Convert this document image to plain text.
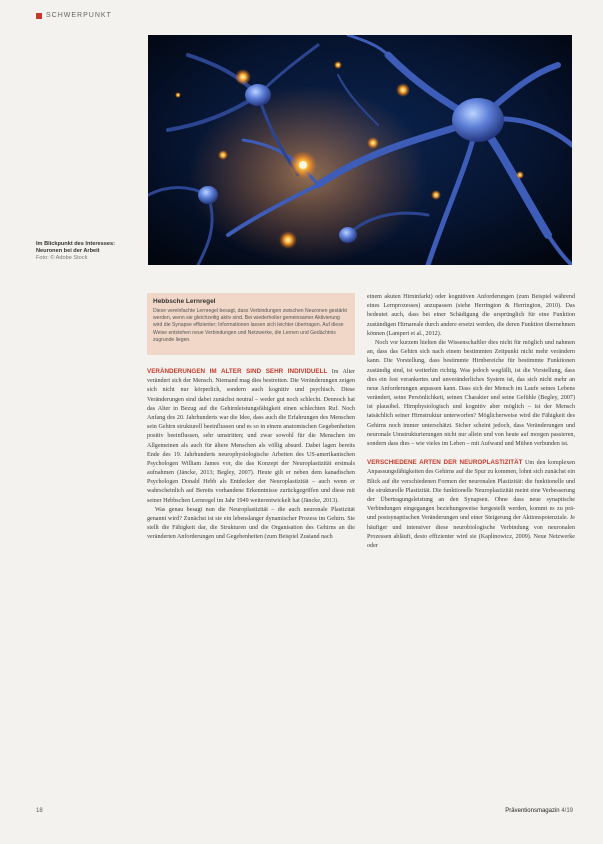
SCHWERPUNKT
Im Blickpunkt des Interesses: Neuronen bei der Arbeit
Foto: © Adobe Stock
Hebbsche Lernregel
Diese vereinfachte Lernregel besagt, dass Verbindungen zwischen Neuronen gestärkt werden, wenn sie gleichzeitig aktiv sind. Bei wiederholter gemeinsamer Aktivierung wird die Synapse effizienter; Informationen lassen sich leichter übertragen. Auf diese Weise entstehen neue Verbindungen und Netzwerke, die Lernen und Gedächtnis zugrunde liegen.

VERÄNDERUNGEN IM ALTER SIND SEHR INDIVIDUELL Im Alter verändert sich der Mensch. Niemand mag dies bestreiten. Die Veränderungen zeigen sich nicht nur körperlich, sondern auch kognitiv und psychisch. Diese Veränderungen sind dabei zunächst neutral – weder gut noch schlecht. Dennoch hat das Alter in Bezug auf die Gehirnleistungsfähigkeit einen schlechten Ruf. Noch Anfang des 20. Jahrhunderts war die Idee, dass auch die Erfahrungen des Menschen sein Gehirn strukturell beeinflussen und es so in einem anatomischen Gegebenheiten positiv beeinflussen, sehr umstritten; und zwar sowohl für die Menschen im Allgemeinen als auch für ältere Menschen als völlig absurd. Dabei lagen bereits Ende des 19. Jahrhunderts neurophysiologische Arbeiten des US-amerikanischen Psychologen William James vor, die das Konzept der Neuroplastizität erstmals aufnahmen (Jäncke, 2013; Begley, 2007). Heute gilt er neben dem kanadischen Psychologen Donald Hebb als Entdecker der Neuroplastizität – auch wenn er wahrscheinlich auf Bereits vorhandene Erkenntnisse zurückgegriffen und diese mit seiner Hebbschen Lernregel im Jahr 1949 weiterentwickelt hat (Jäncke, 2013).

Was genau besagt nun die Neuroplastizität – die auch neuronale Plastizität genannt wird? Zunächst ist sie ein lebenslanger dynamischer Prozess im Gehirn. Sie stellt die Fähigkeit dar, die Strukturen und die Organisation des Gehirns an die veränderten Anforderungen und Gegebenheiten (zum Beispiel Zustand nach

einem akuten Hirninfarkt) oder kognitiven Anforderungen (zum Beispiel während eines Lernprozesses) anzupassen (siehe Herrington & Herrington, 2010). Das bedeutet auch, dass bei einer Schädigung die ursprünglich für eine Funktion zuständigen Hirnareale durch andere ersetzt werden, die deren Funktion übernehmen können (Lampert et al., 2012).

Noch vor kurzem hielten die Wissenschaftler dies nicht für möglich und nahmen an, dass das Gehirn sich nach einem bestimmten Zeitpunkt nicht mehr verändern kann. Die Vorstellung, dass bestimmte Hirnbereiche für bestimmte Funktionen zuständig sind, ist weiterhin richtig. Was jedoch wegfällt, ist die Vorstellung, dass dies ein fest verankertes und unveränderliches System ist, das sich nicht mehr an neue Anforderungen anpassen kann. Dass sich der Mensch im Laufe seines Lebens verändert, seine Persönlichkeit, seinen Charakter und seine Gefühle (Begley, 2007) ist plausibel. Hirnphysiologisch und kognitiv aber möglich – ist der Mensch tatsächlich seiner Hirnstruktur unterworfen? Möglicherweise wird die Fähigkeit des Gehirns noch immer unterschätzt. Sicher scheint jedoch, dass Veränderungen und neuronale Umstrukturierungen nicht nur allein und von heute auf morgen passieren, sondern dass dies – wie vieles im Leben – mit Aufwand und Mühen verbunden ist.

VERSCHIEDENE ARTEN DER NEUROPLASTIZITÄT Um den komplexen Anpassungsfähigkeiten des Gehirns auf die Spur zu kommen, lohnt sich zunächst ein Blick auf die verschiedenen Formen der neuronalen Plastizität: die funktionelle und die strukturelle Plastizität. Die funktionelle Neuroplastizität meint eine Verbesserung der Übertragungsleistung an den Synapsen. Ohne dass neue synaptische Verbindungen eingegangen beziehungsweise hergestellt werden, kommt es zu prä- und postsynaptischen Veränderungen und einer Steigerung der Aktionspotenziale. Je häufiger und intensiver diese neurobiologische Verbindung von neuronalen Prozessen abläuft, desto effizienter wird sie (Kaplinowicz, 2009). Neue Netzwerke oder

18	Präventionsmagazin 4/19
